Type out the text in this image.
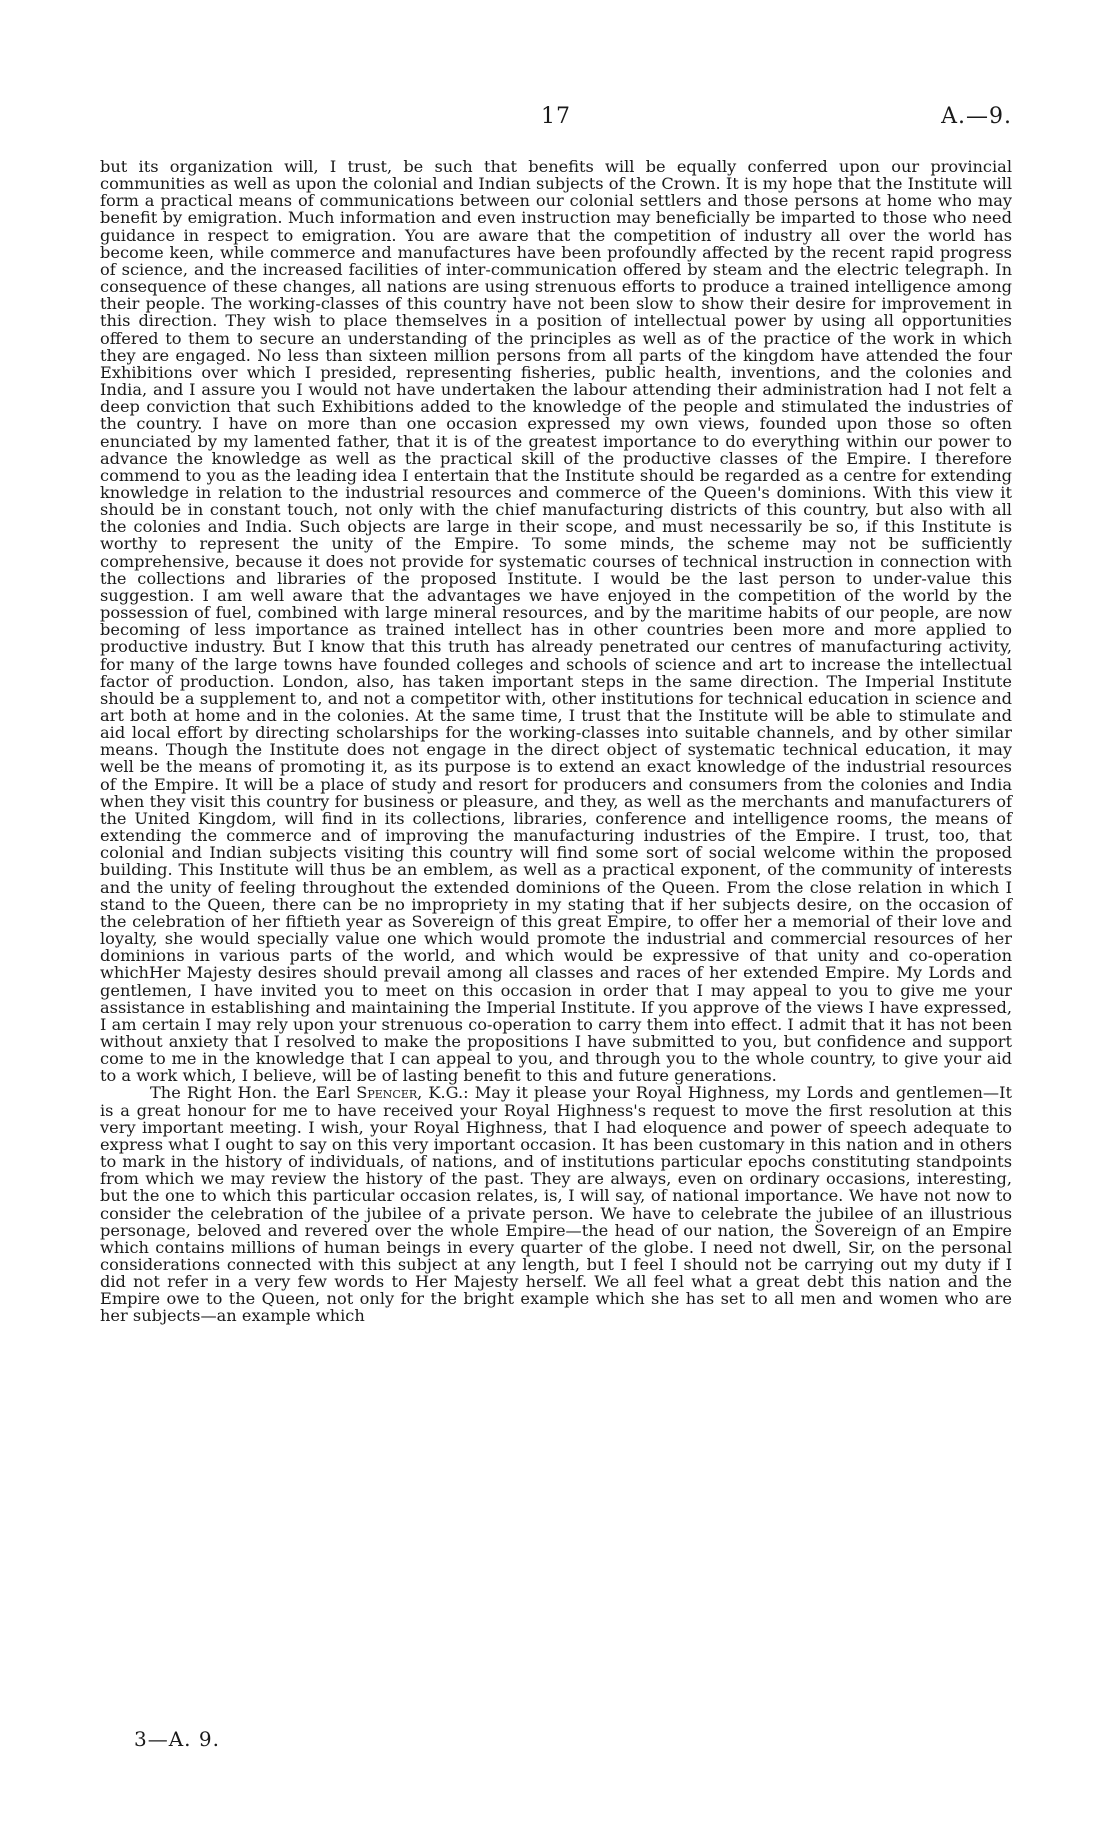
17	A.—9.

but its organization will, I trust, be such that benefits will be equally conferred upon our provincial communities as well as upon the colonial and Indian subjects of the Crown. It is my hope that the Institute will form a practical means of communications between our colonial settlers and those persons at home who may benefit by emigration. Much information and even instruction may beneficially be imparted to those who need guidance in respect to emigration. You are aware that the competition of industry all over the world has become keen, while commerce and manufactures have been profoundly affected by the recent rapid progress of science, and the increased facilities of inter-communication offered by steam and the electric telegraph. In consequence of these changes, all nations are using strenuous efforts to produce a trained intelligence among their people. The working-classes of this country have not been slow to show their desire for improvement in this direction. They wish to place themselves in a position of intellectual power by using all opportunities offered to them to secure an understanding of the principles as well as of the practice of the work in which they are engaged. No less than sixteen million persons from all parts of the kingdom have attended the four Exhibitions over which I presided, representing fisheries, public health, inventions, and the colonies and India, and I assure you I would not have undertaken the labour attending their administration had I not felt a deep conviction that such Exhibitions added to the knowledge of the people and stimulated the industries of the country. I have on more than one occasion expressed my own views, founded upon those so often enunciated by my lamented father, that it is of the greatest importance to do everything within our power to advance the knowledge as well as the practical skill of the productive classes of the Empire. I therefore commend to you as the leading idea I entertain that the Institute should be regarded as a centre for extending knowledge in relation to the industrial resources and commerce of the Queen's dominions. With this view it should be in constant touch, not only with the chief manufacturing districts of this country, but also with all the colonies and India. Such objects are large in their scope, and must necessarily be so, if this Institute is worthy to represent the unity of the Empire. To some minds, the scheme may not be sufficiently comprehensive, because it does not provide for systematic courses of technical instruction in connection with the collections and libraries of the proposed Institute. I would be the last person to under-value this suggestion. I am well aware that the advantages we have enjoyed in the competition of the world by the possession of fuel, combined with large mineral resources, and by the maritime habits of our people, are now becoming of less importance as trained intellect has in other countries been more and more applied to productive industry. But I know that this truth has already penetrated our centres of manufacturing activity, for many of the large towns have founded colleges and schools of science and art to increase the intellectual factor of production. London, also, has taken important steps in the same direction. The Imperial Institute should be a supplement to, and not a competitor with, other institutions for technical education in science and art both at home and in the colonies. At the same time, I trust that the Institute will be able to stimulate and aid local effort by directing scholarships for the working-classes into suitable channels, and by other similar means. Though the Institute does not engage in the direct object of systematic technical education, it may well be the means of promoting it, as its purpose is to extend an exact knowledge of the industrial resources of the Empire. It will be a place of study and resort for producers and consumers from the colonies and India when they visit this country for business or pleasure, and they, as well as the merchants and manufacturers of the United Kingdom, will find in its collections, libraries, conference and intelligence rooms, the means of extending the commerce and of improving the manufacturing industries of the Empire. I trust, too, that colonial and Indian subjects visiting this country will find some sort of social welcome within the proposed building. This Institute will thus be an emblem, as well as a practical exponent, of the community of interests and the unity of feeling throughout the extended dominions of the Queen. From the close relation in which I stand to the Queen, there can be no impropriety in my stating that if her subjects desire, on the occasion of the celebration of her fiftieth year as Sovereign of this great Empire, to offer her a memorial of their love and loyalty, she would specially value one which would promote the industrial and commercial resources of her dominions in various parts of the world, and which would be expressive of that unity and co-operation whichHer Majesty desires should prevail among all classes and races of her extended Empire. My Lords and gentlemen, I have invited you to meet on this occasion in order that I may appeal to you to give me your assistance in establishing and maintaining the Imperial Institute. If you approve of the views I have expressed, I am certain I may rely upon your strenuous co-operation to carry them into effect. I admit that it has not been without anxiety that I resolved to make the propositions I have submitted to you, but confidence and support come to me in the knowledge that I can appeal to you, and through you to the whole country, to give your aid to a work which, I believe, will be of lasting benefit to this and future generations.

The Right Hon. the Earl Spencer, K.G.: May it please your Royal Highness, my Lords and gentlemen—It is a great honour for me to have received your Royal Highness's request to move the first resolution at this very important meeting. I wish, your Royal Highness, that I had eloquence and power of speech adequate to express what I ought to say on this very important occasion. It has been customary in this nation and in others to mark in the history of individuals, of nations, and of institutions particular epochs constituting standpoints from which we may review the history of the past. They are always, even on ordinary occasions, interesting, but the one to which this particular occasion relates, is, I will say, of national importance. We have not now to consider the celebration of the jubilee of a private person. We have to celebrate the jubilee of an illustrious personage, beloved and revered over the whole Empire—the head of our nation, the Sovereign of an Empire which contains millions of human beings in every quarter of the globe. I need not dwell, Sir, on the personal considerations connected with this subject at any length, but I feel I should not be carrying out my duty if I did not refer in a very few words to Her Majesty herself. We all feel what a great debt this nation and the Empire owe to the Queen, not only for the bright example which she has set to all men and women who are her subjects—an example which

3—A. 9.
